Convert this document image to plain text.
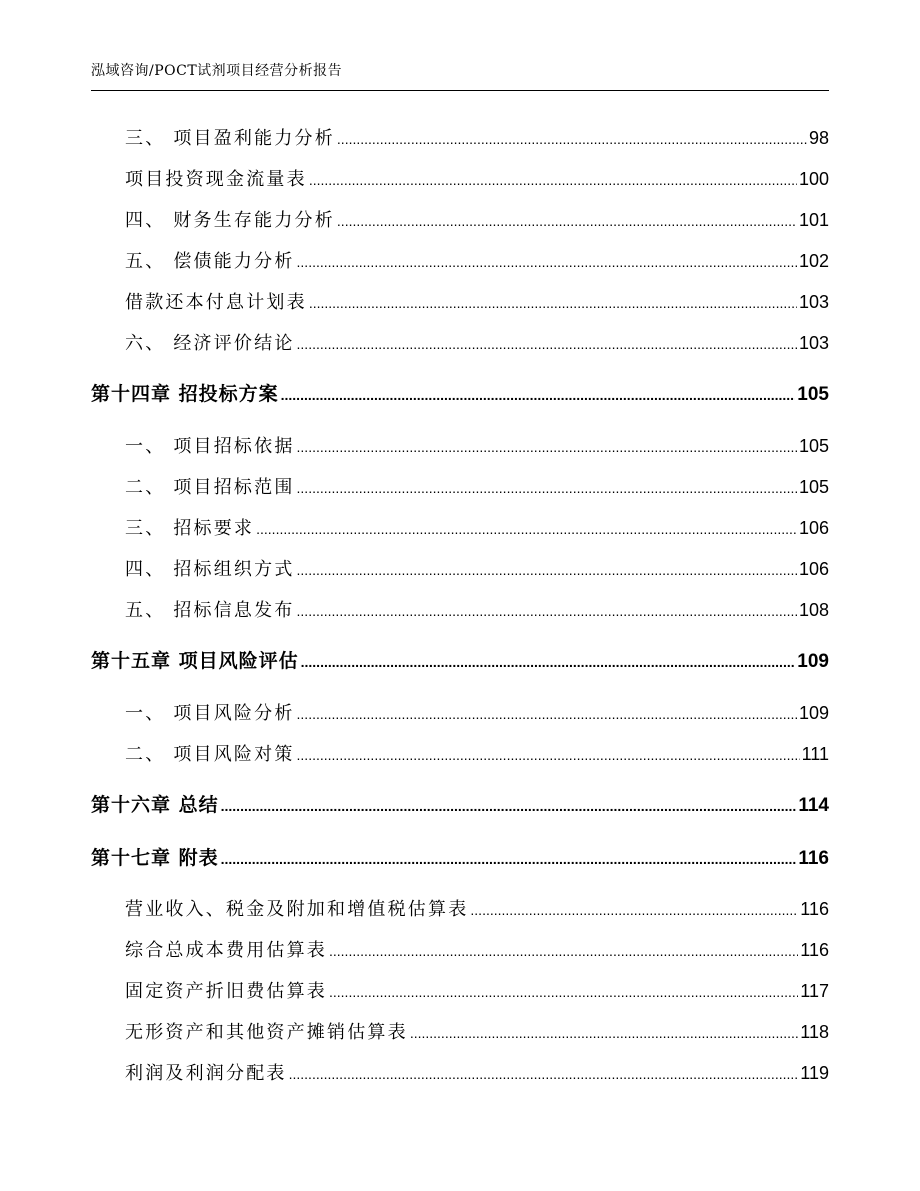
泓域咨询/POCT试剂项目经营分析报告
三、 项目盈利能力分析 .....	98
项目投资现金流量表 .....	100
四、 财务生存能力分析 .....	101
五、 偿债能力分析 .....	102
借款还本付息计划表 .....	103
六、 经济评价结论 .....	103
第十四章 招投标方案 .....	105
一、 项目招标依据 .....	105
二、 项目招标范围 .....	105
三、 招标要求 .....	106
四、 招标组织方式 .....	106
五、 招标信息发布 .....	108
第十五章 项目风险评估 .....	109
一、 项目风险分析 .....	109
二、 项目风险对策 .....	111
第十六章 总结 .....	114
第十七章 附表 .....	116
营业收入、税金及附加和增值税估算表 .....	116
综合总成本费用估算表 .....	116
固定资产折旧费估算表 .....	117
无形资产和其他资产摊销估算表 .....	118
利润及利润分配表 .....	119
